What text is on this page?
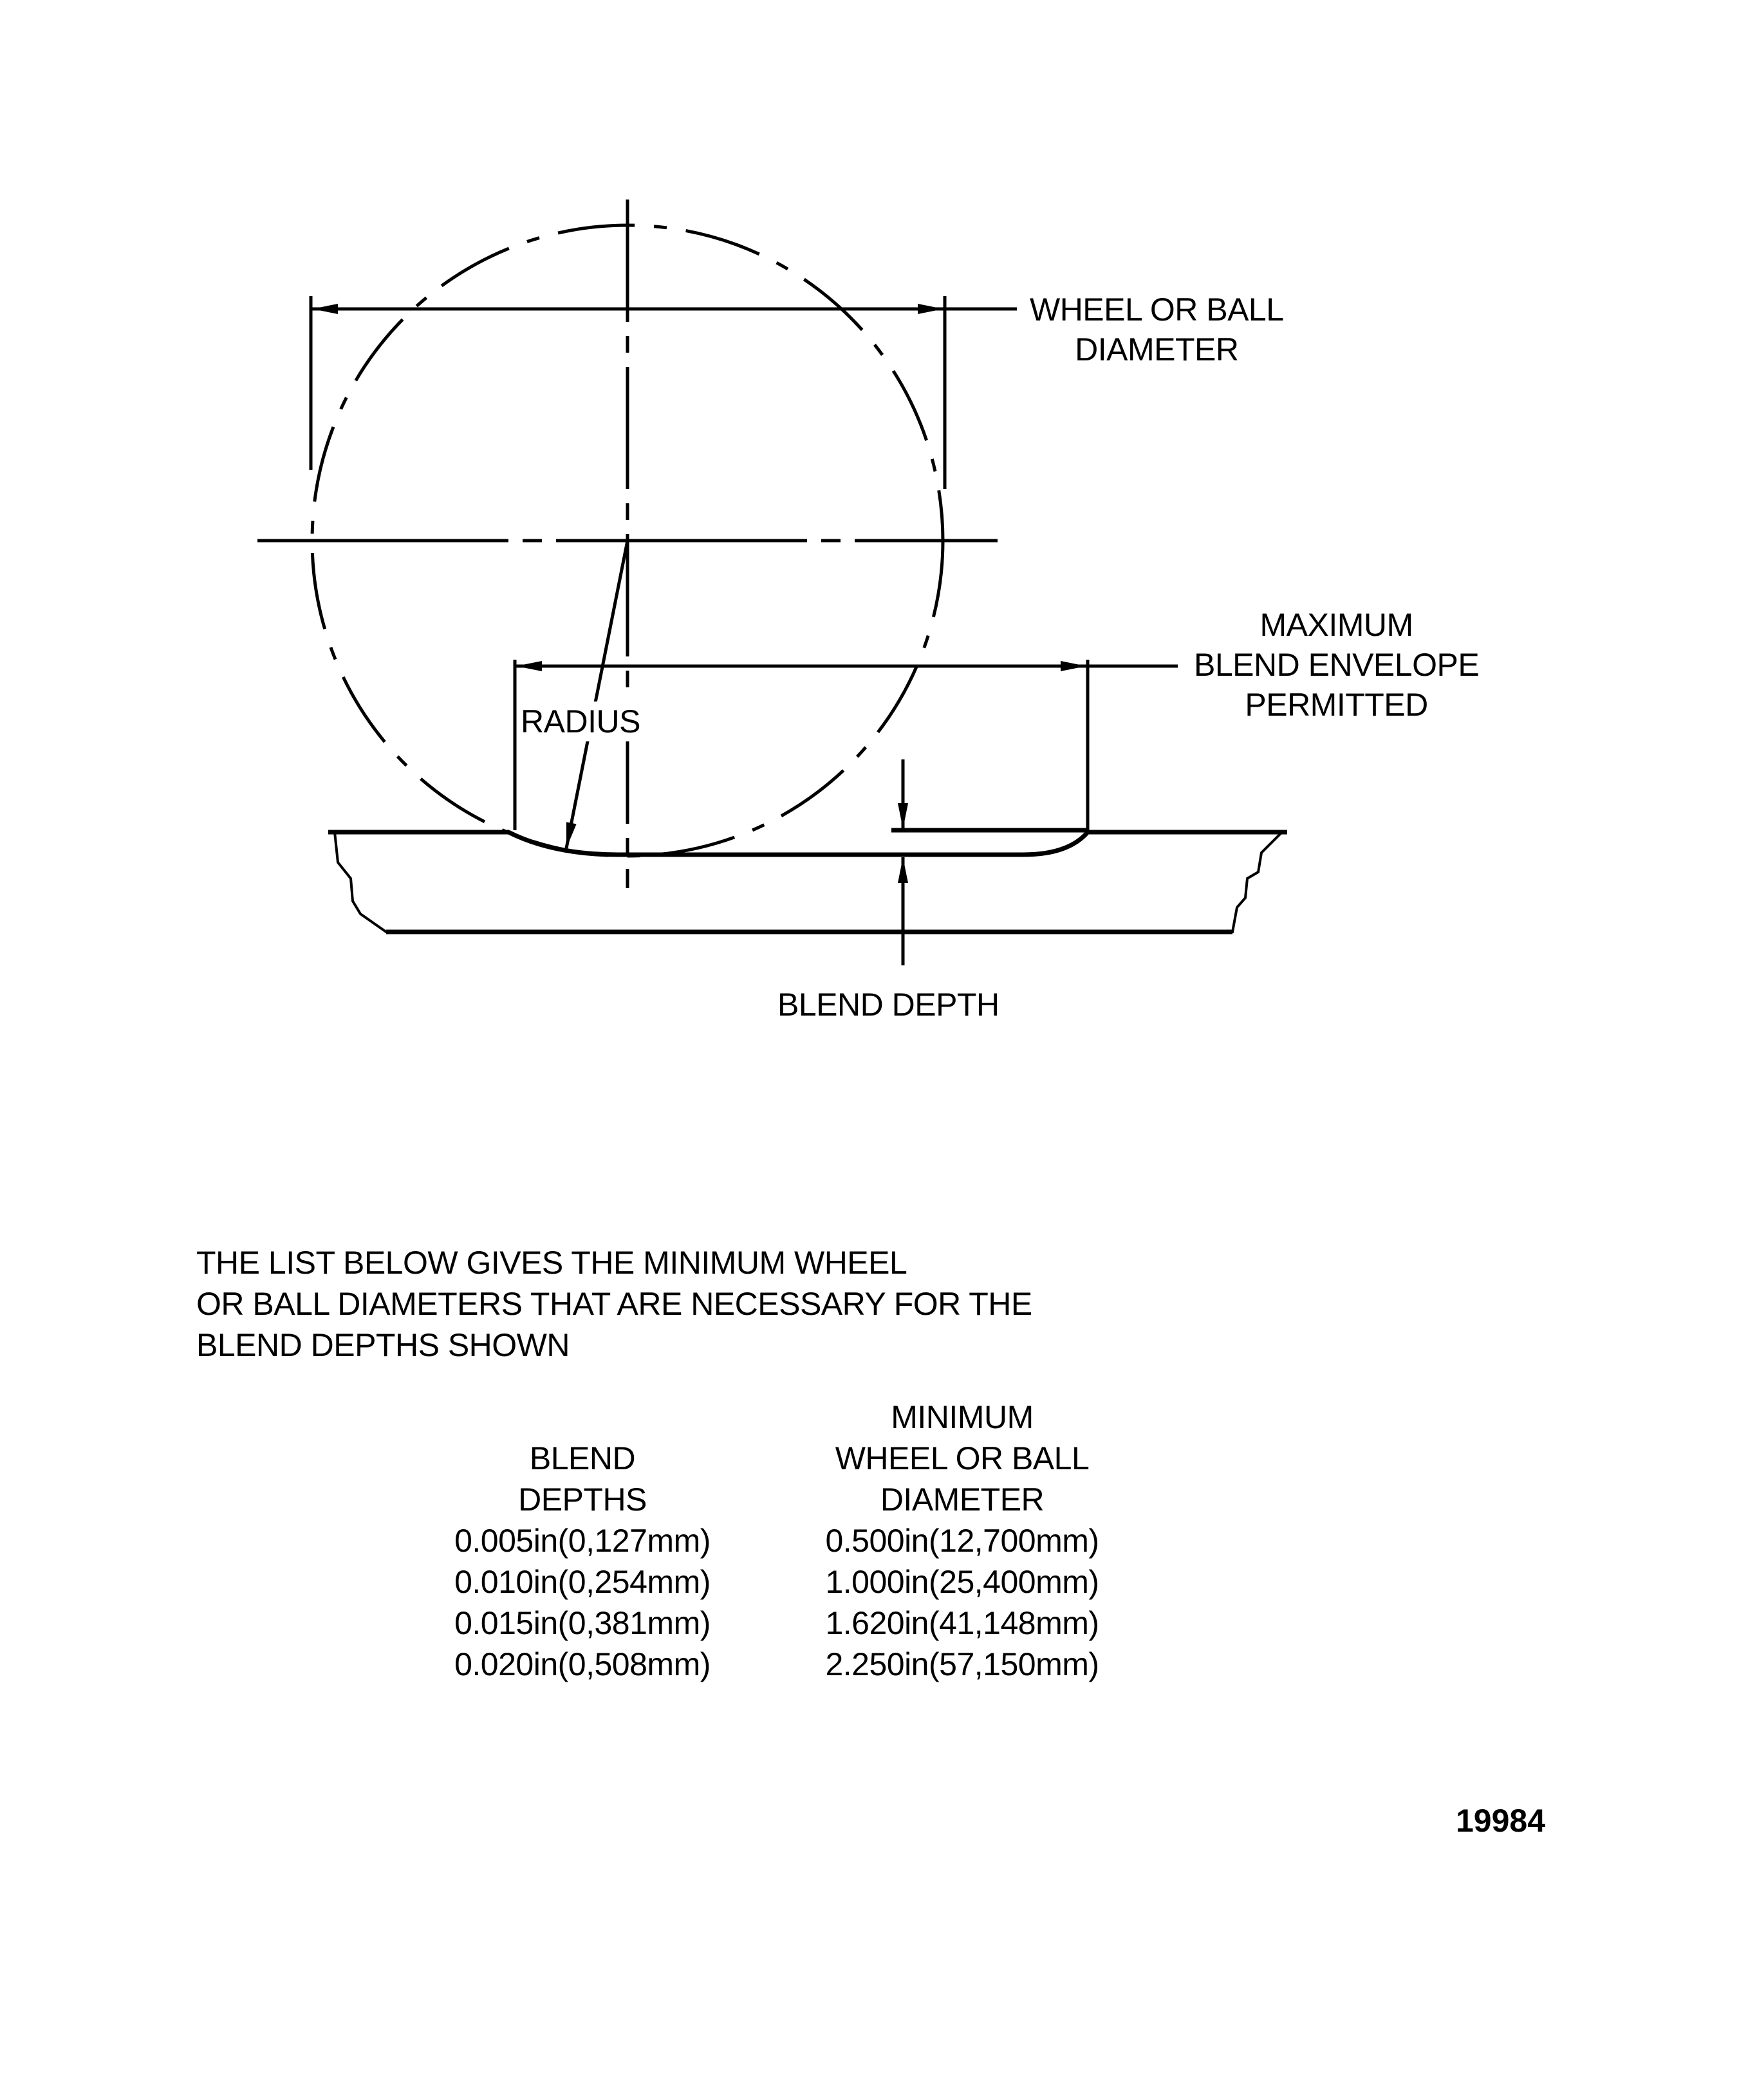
WHEEL OR BALL
DIAMETER
MAXIMUM
BLEND ENVELOPE
PERMITTED
RADIUS
BLEND DEPTH
THE LIST BELOW GIVES THE MINIMUM WHEEL
OR BALL DIAMETERS THAT ARE NECESSARY FOR THE
BLEND DEPTHS SHOWN
BLEND
DEPTHS
0.005in(0,127mm)
0.010in(0,254mm)
0.015in(0,381mm)
0.020in(0,508mm)
MINIMUM
WHEEL OR BALL
DIAMETER
0.500in(12,700mm)
1.000in(25,400mm)
1.620in(41,148mm)
2.250in(57,150mm)
19984
